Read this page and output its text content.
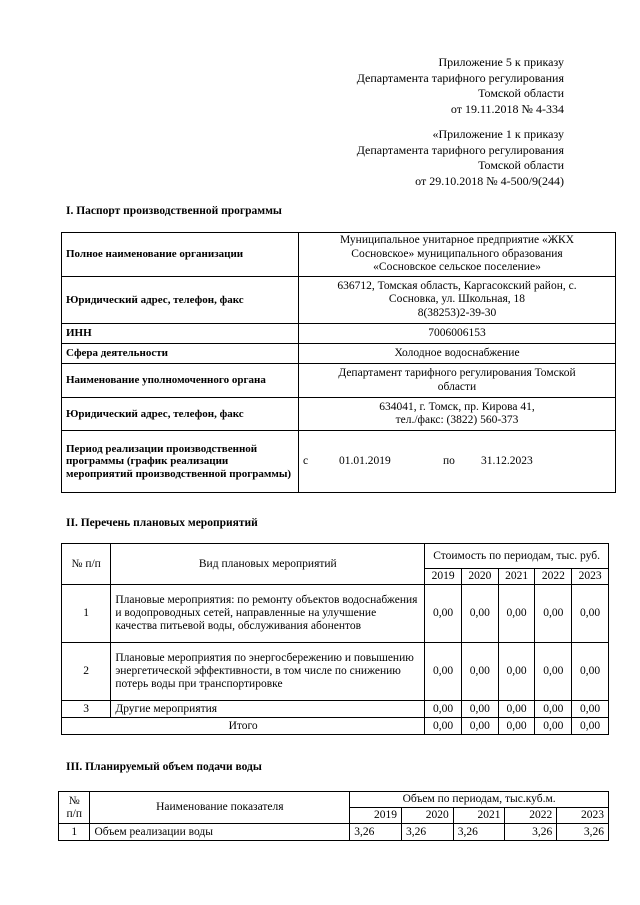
Приложение 5 к приказу
Департамента тарифного регулирования
Томской области
от 19.11.2018 № 4-334
«Приложение 1 к приказу
Департамента тарифного регулирования
Томской области
от 29.10.2018 № 4-500/9(244)
I. Паспорт производственной программы
Полное наименование организации	Муниципальное унитарное предприятие «ЖКХ
Сосновское» муниципального образования
«Сосновское сельское поселение»

Юридический адрес, телефон, факс	636712, Томская область, Каргасокский район, с.
Сосновка, ул. Школьная, 18
8(38253)2-39-30

ИНН	7006006153

Сфера деятельности	Холодное водоснабжение

Наименование уполномоченного органа	Департамент тарифного регулирования Томской
области

Юридический адрес, телефон, факс	634041, г. Томск, пр. Кирова 41,
тел./факс: (3822) 560-373

Период реализации производственной программы (график реализации мероприятий производственной программы)	с 01.01.2019 по 31.12.2023
II. Перечень плановых мероприятий
№ п/п	Вид плановых мероприятий	Стоимость по периодам, тыс. руб.				
		2019	2020	2021	2022	2023
1	Плановые мероприятия: по ремонту объектов водоснабжения и водопроводных сетей, направленные на улучшение качества питьевой воды, обслуживания абонентов	0,00	0,00	0,00	0,00	0,00
2	Плановые мероприятия по энергосбережению и повышению энергетической эффективности, в том числе по снижению потерь воды при транспортировке	0,00	0,00	0,00	0,00	0,00
3	Другие мероприятия	0,00	0,00	0,00	0,00	0,00
Итого		0,00	0,00	0,00	0,00	0,00
III. Планируемый объем подачи воды
№ п/п	Наименование показателя	Объем по периодам, тыс.куб.м.				
		2019	2020	2021	2022	2023
1	Объем реализации воды	3,26	3,26	3,26	3,26	3,26
